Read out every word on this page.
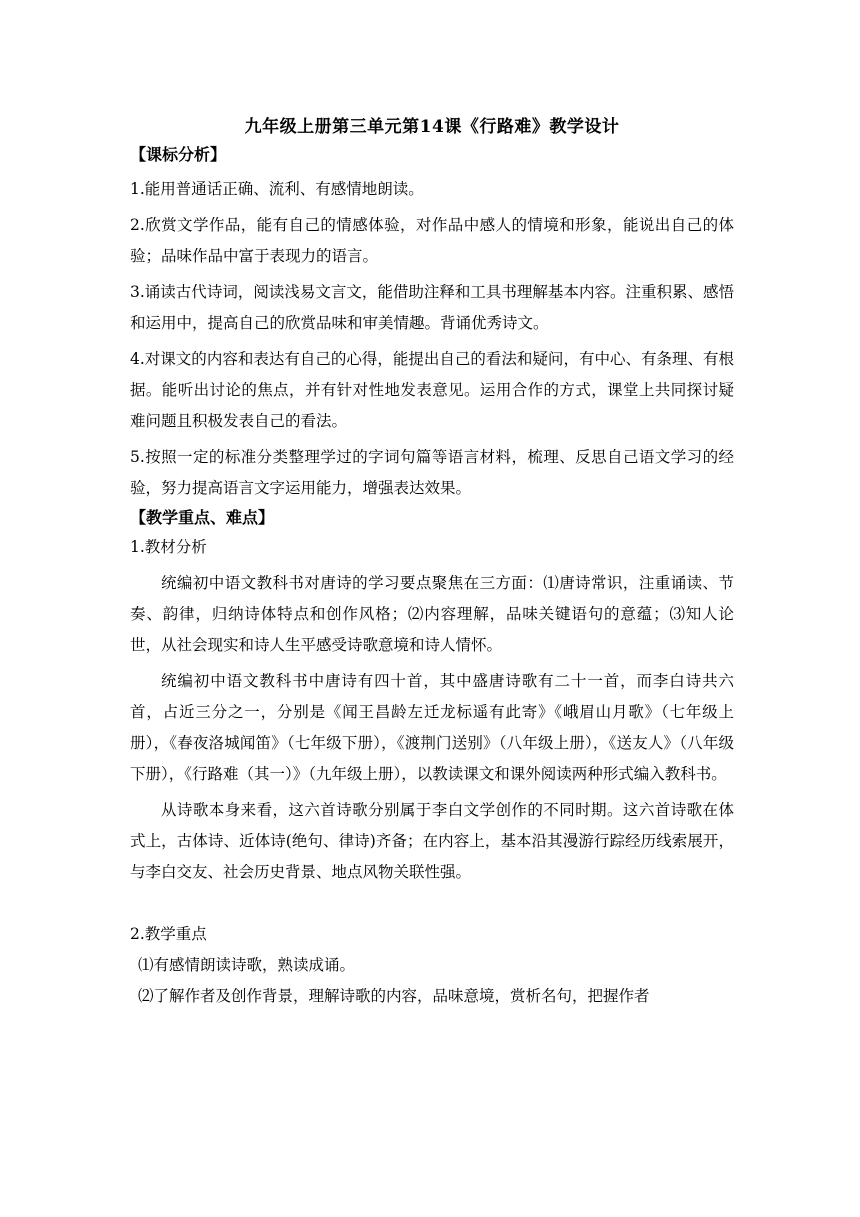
九年级上册第三单元第14课《行路难》教学设计

【课标分析】

1.能用普通话正确、流利、有感情地朗读。

2.欣赏文学作品，能有自己的情感体验，对作品中感人的情境和形象，能说出自己的体验；品味作品中富于表现力的语言。

3.诵读古代诗词，阅读浅易文言文，能借助注释和工具书理解基本内容。注重积累、感悟和运用中，提高自己的欣赏品味和审美情趣。背诵优秀诗文。

4.对课文的内容和表达有自己的心得，能提出自己的看法和疑问，有中心、有条理、有根据。能听出讨论的焦点，并有针对性地发表意见。运用合作的方式，课堂上共同探讨疑难问题且积极发表自己的看法。

5.按照一定的标准分类整理学过的字词句篇等语言材料，梳理、反思自己语文学习的经验，努力提高语言文字运用能力，增强表达效果。

【教学重点、难点】

1.教材分析

统编初中语文教科书对唐诗的学习要点聚焦在三方面：⑴唐诗常识，注重诵读、节奏、韵律，归纳诗体特点和创作风格；⑵内容理解，品味关键语句的意蕴；⑶知人论世，从社会现实和诗人生平感受诗歌意境和诗人情怀。

统编初中语文教科书中唐诗有四十首，其中盛唐诗歌有二十一首，而李白诗共六首，占近三分之一，分别是《闻王昌龄左迁龙标遥有此寄》《峨眉山月歌》（七年级上册），《春夜洛城闻笛》（七年级下册），《渡荆门送别》（八年级上册），《送友人》（八年级下册），《行路难（其一）》（九年级上册），以教读课文和课外阅读两种形式编入教科书。

从诗歌本身来看，这六首诗歌分别属于李白文学创作的不同时期。这六首诗歌在体式上，古体诗、近体诗(绝句、律诗)齐备；在内容上，基本沿其漫游行踪经历线索展开，与李白交友、社会历史背景、地点风物关联性强。

2.教学重点

⑴有感情朗读诗歌，熟读成诵。

⑵了解作者及创作背景，理解诗歌的内容，品味意境，赏析名句，把握作者
